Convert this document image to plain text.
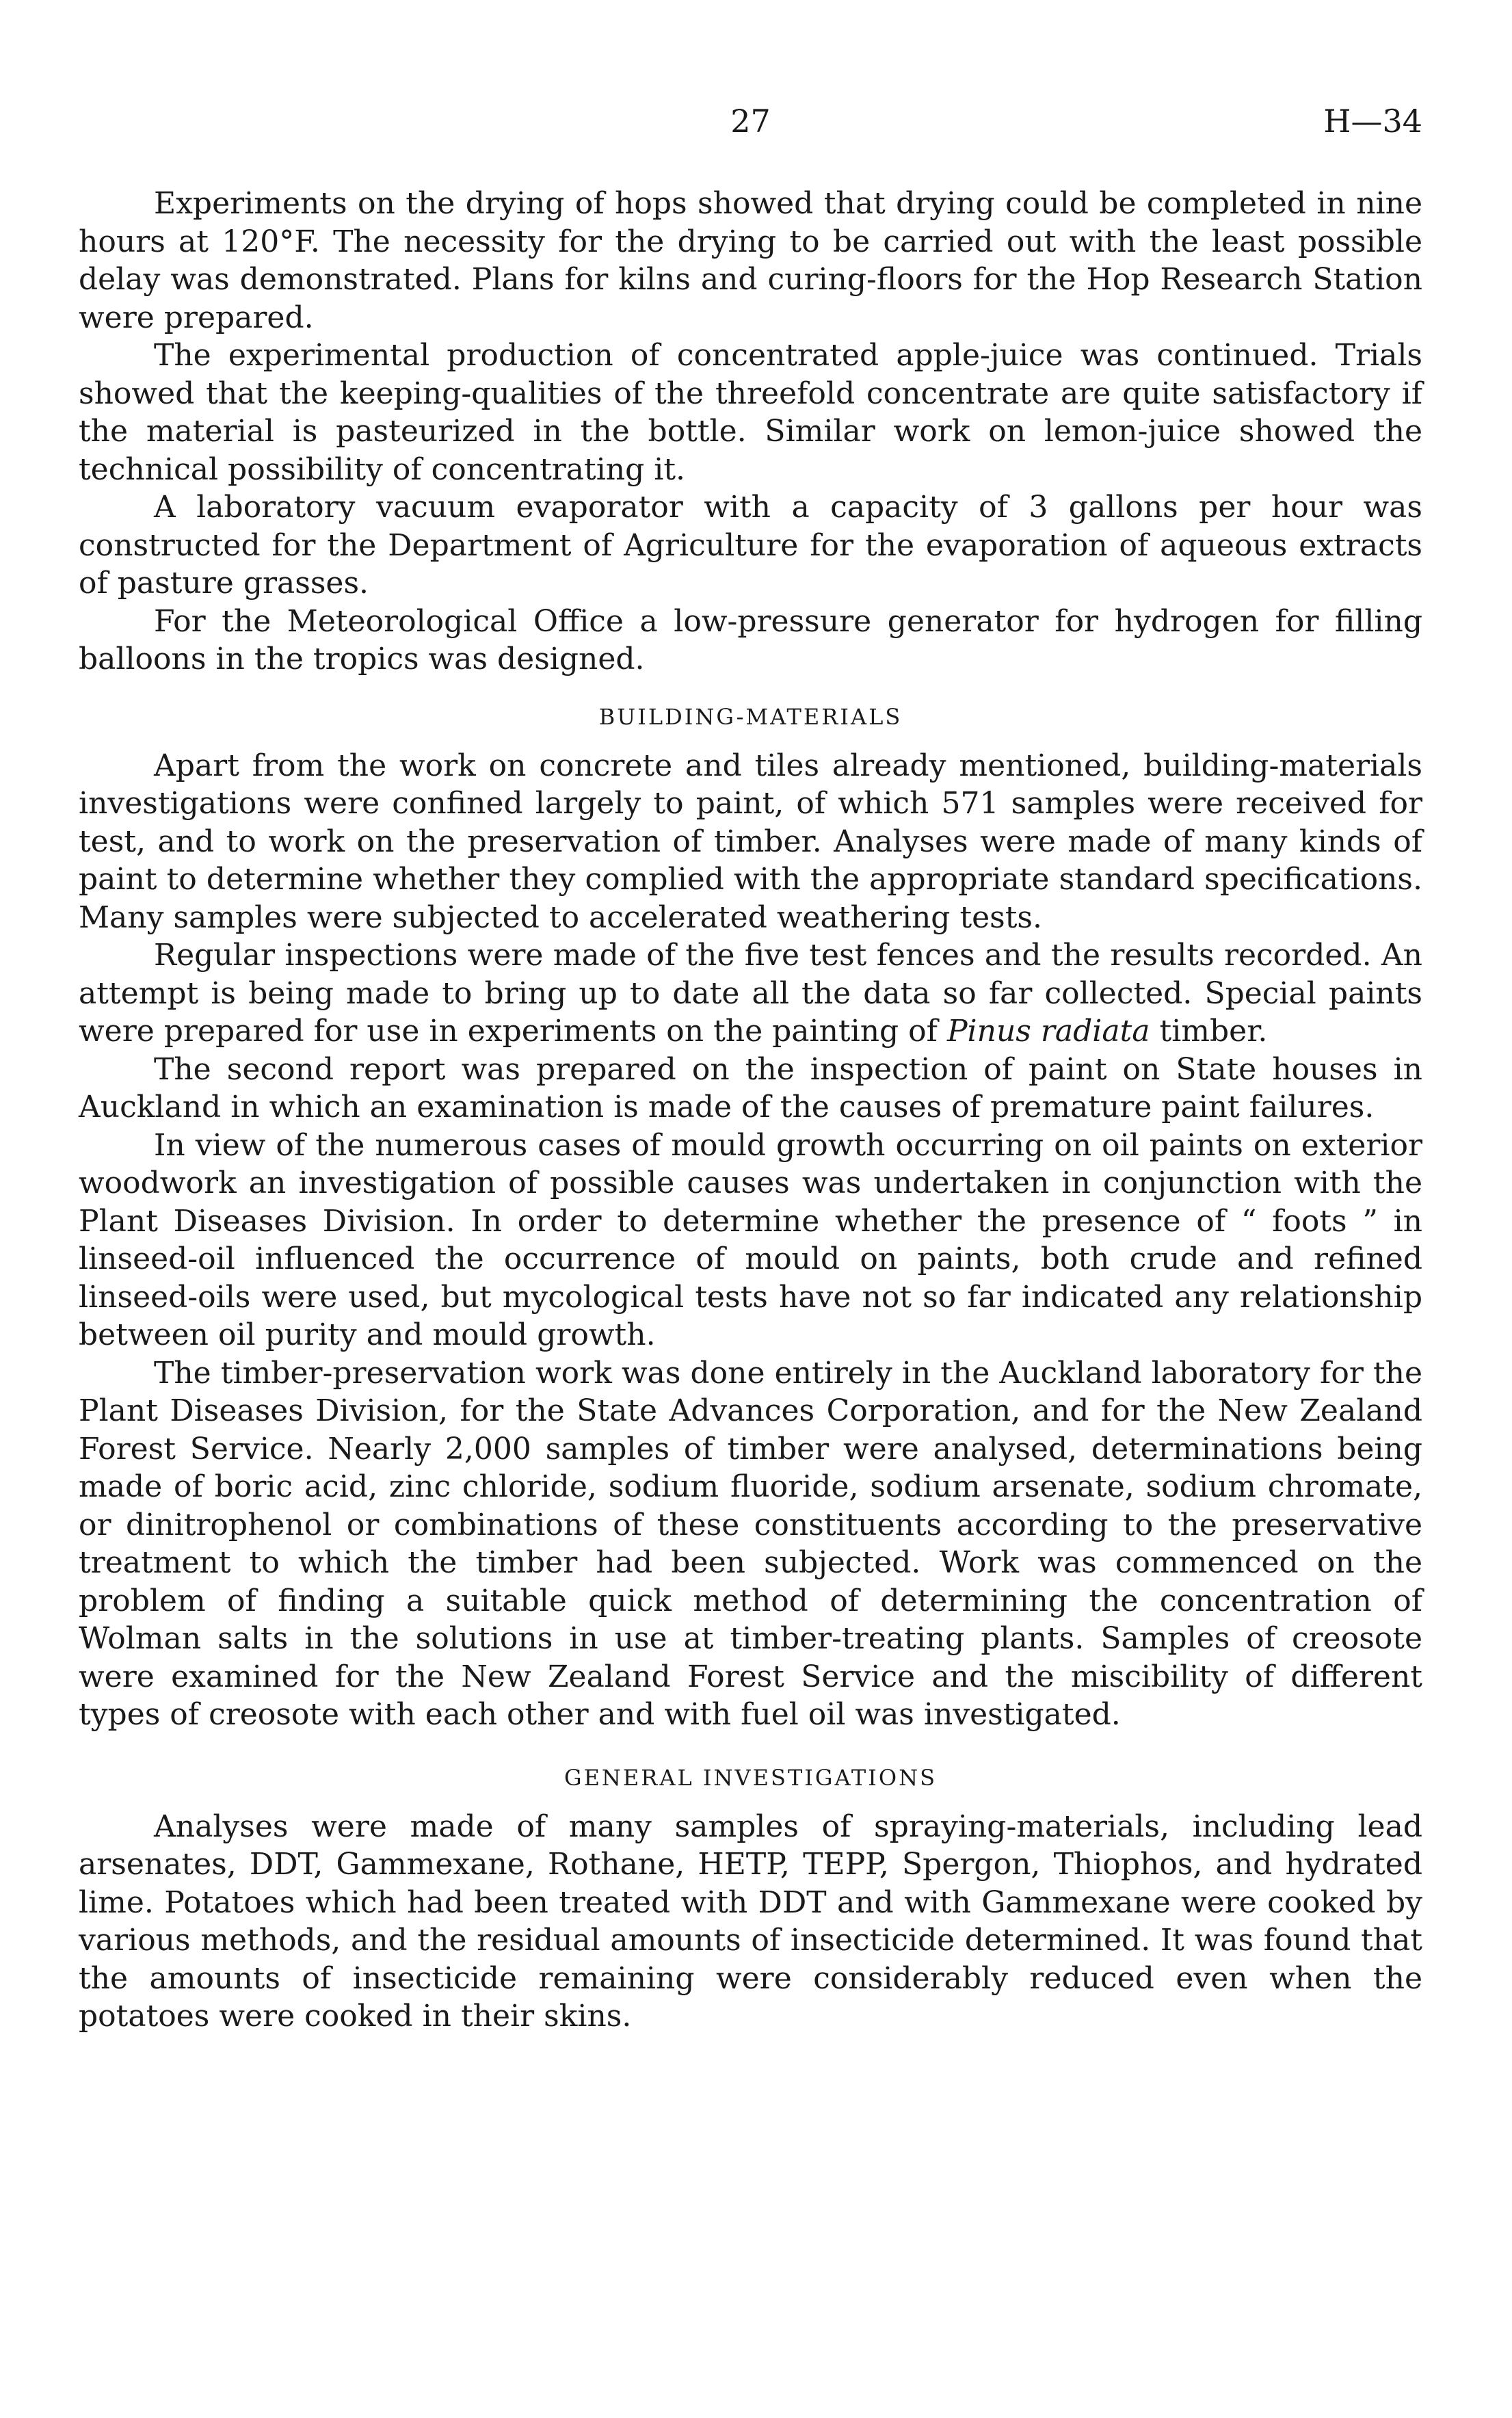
27	H—34

Experiments on the drying of hops showed that drying could be completed in nine hours at 120°F. The necessity for the drying to be carried out with the least possible delay was demonstrated. Plans for kilns and curing-floors for the Hop Research Station were prepared.

The experimental production of concentrated apple-juice was continued. Trials showed that the keeping-qualities of the threefold concentrate are quite satisfactory if the material is pasteurized in the bottle. Similar work on lemon-juice showed the technical possibility of concentrating it.

A laboratory vacuum evaporator with a capacity of 3 gallons per hour was constructed for the Department of Agriculture for the evaporation of aqueous extracts of pasture grasses.

For the Meteorological Office a low-pressure generator for hydrogen for filling balloons in the tropics was designed.

BUILDING-MATERIALS

Apart from the work on concrete and tiles already mentioned, building-materials investigations were confined largely to paint, of which 571 samples were received for test, and to work on the preservation of timber. Analyses were made of many kinds of paint to determine whether they complied with the appropriate standard specifications. Many samples were subjected to accelerated weathering tests.

Regular inspections were made of the five test fences and the results recorded. An attempt is being made to bring up to date all the data so far collected. Special paints were prepared for use in experiments on the painting of Pinus radiata timber.

The second report was prepared on the inspection of paint on State houses in Auckland in which an examination is made of the causes of premature paint failures.

In view of the numerous cases of mould growth occurring on oil paints on exterior woodwork an investigation of possible causes was undertaken in conjunction with the Plant Diseases Division. In order to determine whether the presence of “ foots ” in linseed-oil influenced the occurrence of mould on paints, both crude and refined linseed-oils were used, but mycological tests have not so far indicated any relationship between oil purity and mould growth.

The timber-preservation work was done entirely in the Auckland laboratory for the Plant Diseases Division, for the State Advances Corporation, and for the New Zealand Forest Service. Nearly 2,000 samples of timber were analysed, determinations being made of boric acid, zinc chloride, sodium fluoride, sodium arsenate, sodium chromate, or dinitrophenol or combinations of these constituents according to the preservative treatment to which the timber had been subjected. Work was commenced on the problem of finding a suitable quick method of determining the concentration of Wolman salts in the solutions in use at timber-treating plants. Samples of creosote were examined for the New Zealand Forest Service and the miscibility of different types of creosote with each other and with fuel oil was investigated.

GENERAL INVESTIGATIONS

Analyses were made of many samples of spraying-materials, including lead arsenates, DDT, Gammexane, Rothane, HETP, TEPP, Spergon, Thiophos, and hydrated lime. Potatoes which had been treated with DDT and with Gammexane were cooked by various methods, and the residual amounts of insecticide determined. It was found that the amounts of insecticide remaining were considerably reduced even when the potatoes were cooked in their skins.
